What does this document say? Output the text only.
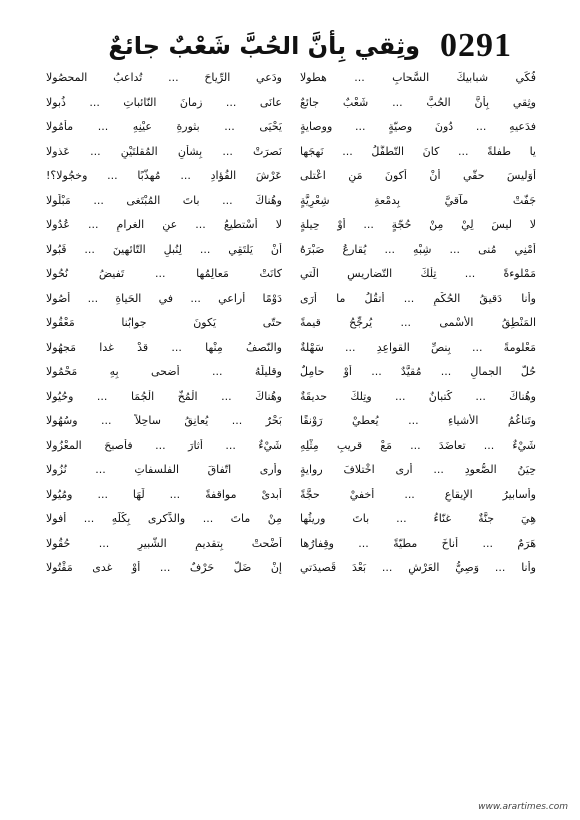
0291
وثِقي بِأنَّ الحُبَّ شَعْبٌ جائعٌ
فُكِّي شبابيكَ السَّحابِ ... هطولا
ودَعي الرِّياحَ ... تُداعبُ المحصُولا
وثِقي بِأنَّ الحُبَّ ... شَعْبٌ جائعٌ
عانَى ... زمانَ النّائباتِ ... ذُبولا
فدَعيهِ ... دُونَ وصيّةٍ ... ووصايةٍ
يَحْيَى ... بثورةِ عيْنِهِ ... مأمُولا
يا طفلةً ... كانَ التّطفُّلُ ... نَهجَها
نَصرَتْ ... بِشأنِ المُقلتَيْنِ ... عَذولا
أوَليسَ حقّي أنْ أكونَ مَنِ اعْتلى
عَرْشَ الفُؤادِ ... مُهذَّبًا ... وخجُولا؟!
جَفّتْ مآقيَّ بِدمْعةِ شِعْرِيَّةٍ
وهُناكَ ... باتَ المُبْتَغى ... مَبْلُولا
لا ليسَ لِيْ مِنْ حُجّةٍ ... أوْ حِيلةٍ
لا أسْتطيعُ ... عنِ الغرامِ ... عُدُولا
أُمْنِي مُنى ... شِبْهِ ... يُقارعُ صَبْرَهُ
أنْ يَلتَقِي ... لِنُبلِ التّائهينَ ... قَبُولا
مَمْلوءةً ... تِلْكَ التّضاريسِ الّتي
كانَتْ مَعالِمُها ... تَفيضُ نُحُولا
وأنا دَقيقُ الحُكْمِ ... أتقُلُ ما أرَى
دَوْمًا أُراعي ... في الحَياةِ ... أُصُولا
المَنْطِقُ الأسْمى ... يُرجِّحُ قيمةً
حتّى يَكونَ جوابُنا مَعْقُولا
مَعْلومةً ... بِنصِّ القواعِدِ ... سَهْلةٌ
والنّصفُ مِنْها ... قدْ غدا مَجهُولا
حُلُّ الجمالِ ... مُقيَّدٌ ... أوْ حامِلٌ
وقليلُهُ ... أضحى بِهِ مَحْمُولا
وهُناكَ ... كُتبانٌ ... وتِلكَ حديقَةٌ
وهُناكَ ... الْمُخُّ الْجُمَا ... وحُيُولا
وتَناغُمُ الأشياءِ ... يُعطيْ رَوْنقًا
بَحْرٌ ... يُعانِقُ ساحِلاً ... وسُهُولا
شَيْءٌ ... تعاضَدَ ... مَعْ قريبِ مِثْلِهِ
شَيْءٌ ... أثارَ ... فأصبحَ المعْزُولا
حِيَنُ الصُّعودِ ... أرى اخْتلافَ روايةٍ
وأرى اتّفاقَ الفلسفاتِ ... نُزُولا
وأسابيرُ الإيقاعِ ... أخفيْ حجَّةً
أبدىْ مواقفةً ... لَهَا ... ومُيُولا
هِيَ جنَّةٌ غنّاءُ ... باتَ وريثُها
مِنْ ماتَ ... والذِّكرى بِكُلِّهِ ... أُفولا
هَرَمٌ ... أناخَ مطيّةً ... وقِفارُها
أضْحتْ بِتقديمِ الشَّبيرِ ... حُقُولا
وأنا ... وَصِيُّ العَرْشِ ... بَعْدَ قَصيدَتي
إنْ ضَلَّ حَرْفٌ ... أوْ غدى مَقْتُولا
www.arartimes.com
